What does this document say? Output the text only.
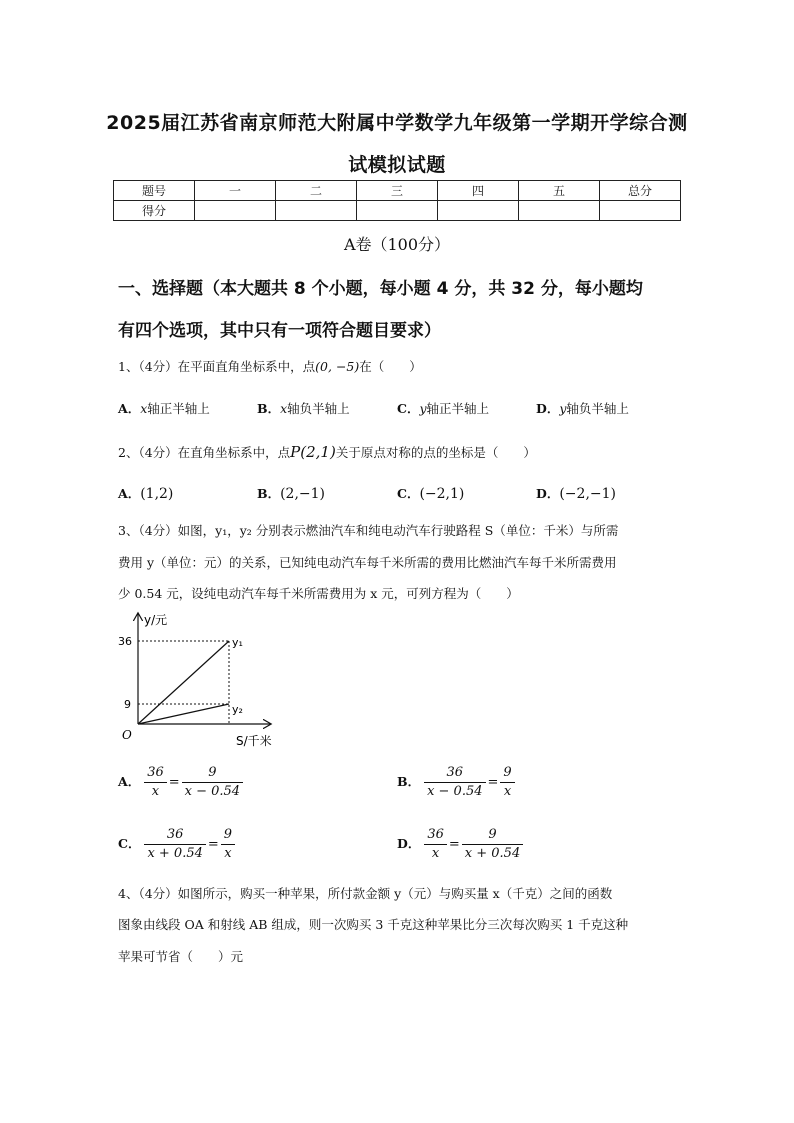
2025届江苏省南京师范大附属中学数学九年级第一学期开学综合测
试模拟试题
题号	一	二	三	四	五	总分
得分						
A卷（100分）
一、选择题（本大题共 8 个小题，每小题 4 分，共 32 分，每小题均
有四个选项，其中只有一项符合题目要求）
1、（4分）在平面直角坐标系中，点(0, −5)在（　　）
A．x轴正半轴上	B．x轴负半轴上	C．y轴正半轴上	D．y轴负半轴上
2、（4分）在直角坐标系中，点P(2,1)关于原点对称的点的坐标是（　　）
A．(1,2)	B．(2,−1)	C．(−2,1)	D．(−2,−1)
3、（4分）如图，y₁，y₂ 分别表示燃油汽车和纯电动汽车行驶路程 S（单位：千米）与所需
费用 y（单位：元）的关系，已知纯电动汽车每千米所需的费用比燃油汽车每千米所需费用
少 0.54 元，设纯电动汽车每千米所需费用为 x 元，可列方程为（　　）
y/元
S/千米
O
36
9
y₁
y₂
A． $\frac{36}{x} = \frac{9}{x - 0.54}$	B． $\frac{36}{x - 0.54} = \frac{9}{x}$
C． $\frac{36}{x + 0.54} = \frac{9}{x}$	D． $\frac{36}{x} = \frac{9}{x + 0.54}$
4、（4分）如图所示，购买一种苹果，所付款金额 y（元）与购买量 x（千克）之间的函数
图象由线段 OA 和射线 AB 组成，则一次购买 3 千克这种苹果比分三次每次购买 1 千克这种
苹果可节省（　　）元
